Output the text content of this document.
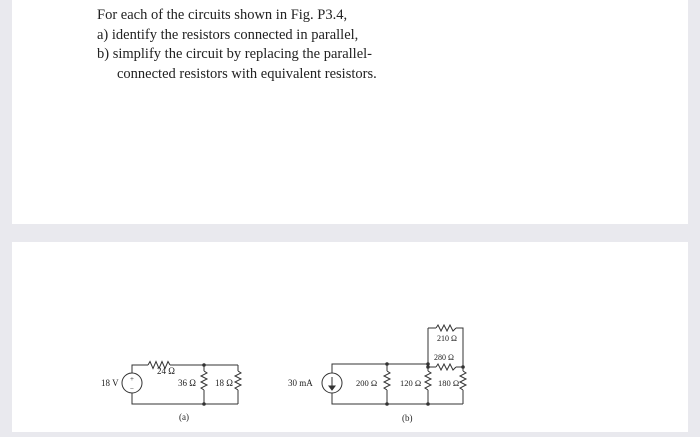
For each of the circuits shown in Fig. P3.4,
a) identify the resistors connected in parallel,
b) simplify the circuit by replacing the parallel-
connected resistors with equivalent resistors.
18 V +
−
24 Ω
36 Ω 18 Ω
(a)
30 mA	200 Ω	120 Ω 180 Ω
210 Ω
280 Ω
(b)
